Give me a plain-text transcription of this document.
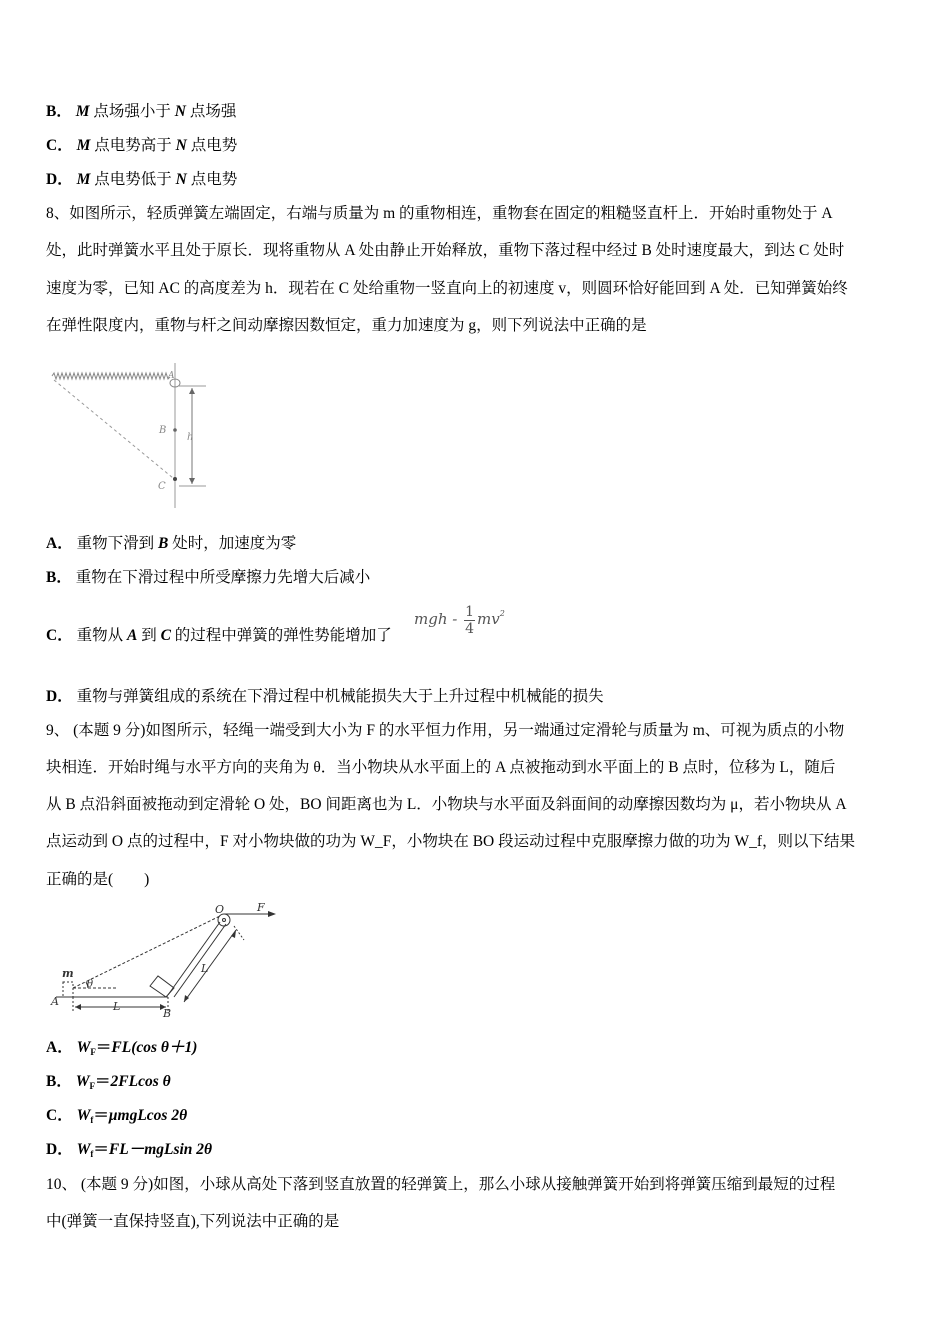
B． M 点场强小于 N 点场强
C． M 点电势高于 N 点电势
D． M 点电势低于 N 点电势
8、如图所示，轻质弹簧左端固定，右端与质量为 m 的重物相连，重物套在固定的粗糙竖直杆上．开始时重物处于 A
处，此时弹簧水平且处于原长．现将重物从 A 处由静止开始释放，重物下落过程中经过 B 处时速度最大，到达 C 处时
速度为零，已知 AC 的高度差为 h．现若在 C 处给重物一竖直向上的初速度 v，则圆环恰好能回到 A 处．已知弹簧始终
在弹性限度内，重物与杆之间动摩擦因数恒定，重力加速度为 g，则下列说法中正确的是
A
B
C
h
A． 重物下滑到 B 处时，加速度为零
B． 重物在下滑过程中所受摩擦力先增大后减小
C． 重物从 A 到 C 的过程中弹簧的弹性势能增加了
mgh - $\frac{1}{4} mv^2$
D． 重物与弹簧组成的系统在下滑过程中机械能损失大于上升过程中机械能的损失
9、 (本题 9 分)如图所示，轻绳一端受到大小为 F 的水平恒力作用，另一端通过定滑轮与质量为 m、可视为质点的小物
块相连．开始时绳与水平方向的夹角为 θ．当小物块从水平面上的 A 点被拖动到水平面上的 B 点时，位移为 L，随后
从 B 点沿斜面被拖动到定滑轮 O 处，BO 间距离也为 L．小物块与水平面及斜面间的动摩擦因数均为 μ，若小物块从 A
点运动到 O 点的过程中，F 对小物块做的功为 W_F，小物块在 BO 段运动过程中克服摩擦力做的功为 W_f，则以下结果
正确的是(　　)
O	F
m
θ
A
B
L
L
A． $W_F=FL(\cos$ θ＋1)
B． $W_F=2FLcos$ θ
C． $W_f=\mu mgLcos$ 2θ
D． $W_f=FL-mgLsin$ 2θ
10、 (本题 9 分)如图，小球从高处下落到竖直放置的轻弹簧上，那么小球从接触弹簧开始到将弹簧压缩到最短的过程
中(弹簧一直保持竖直),下列说法中正确的是
